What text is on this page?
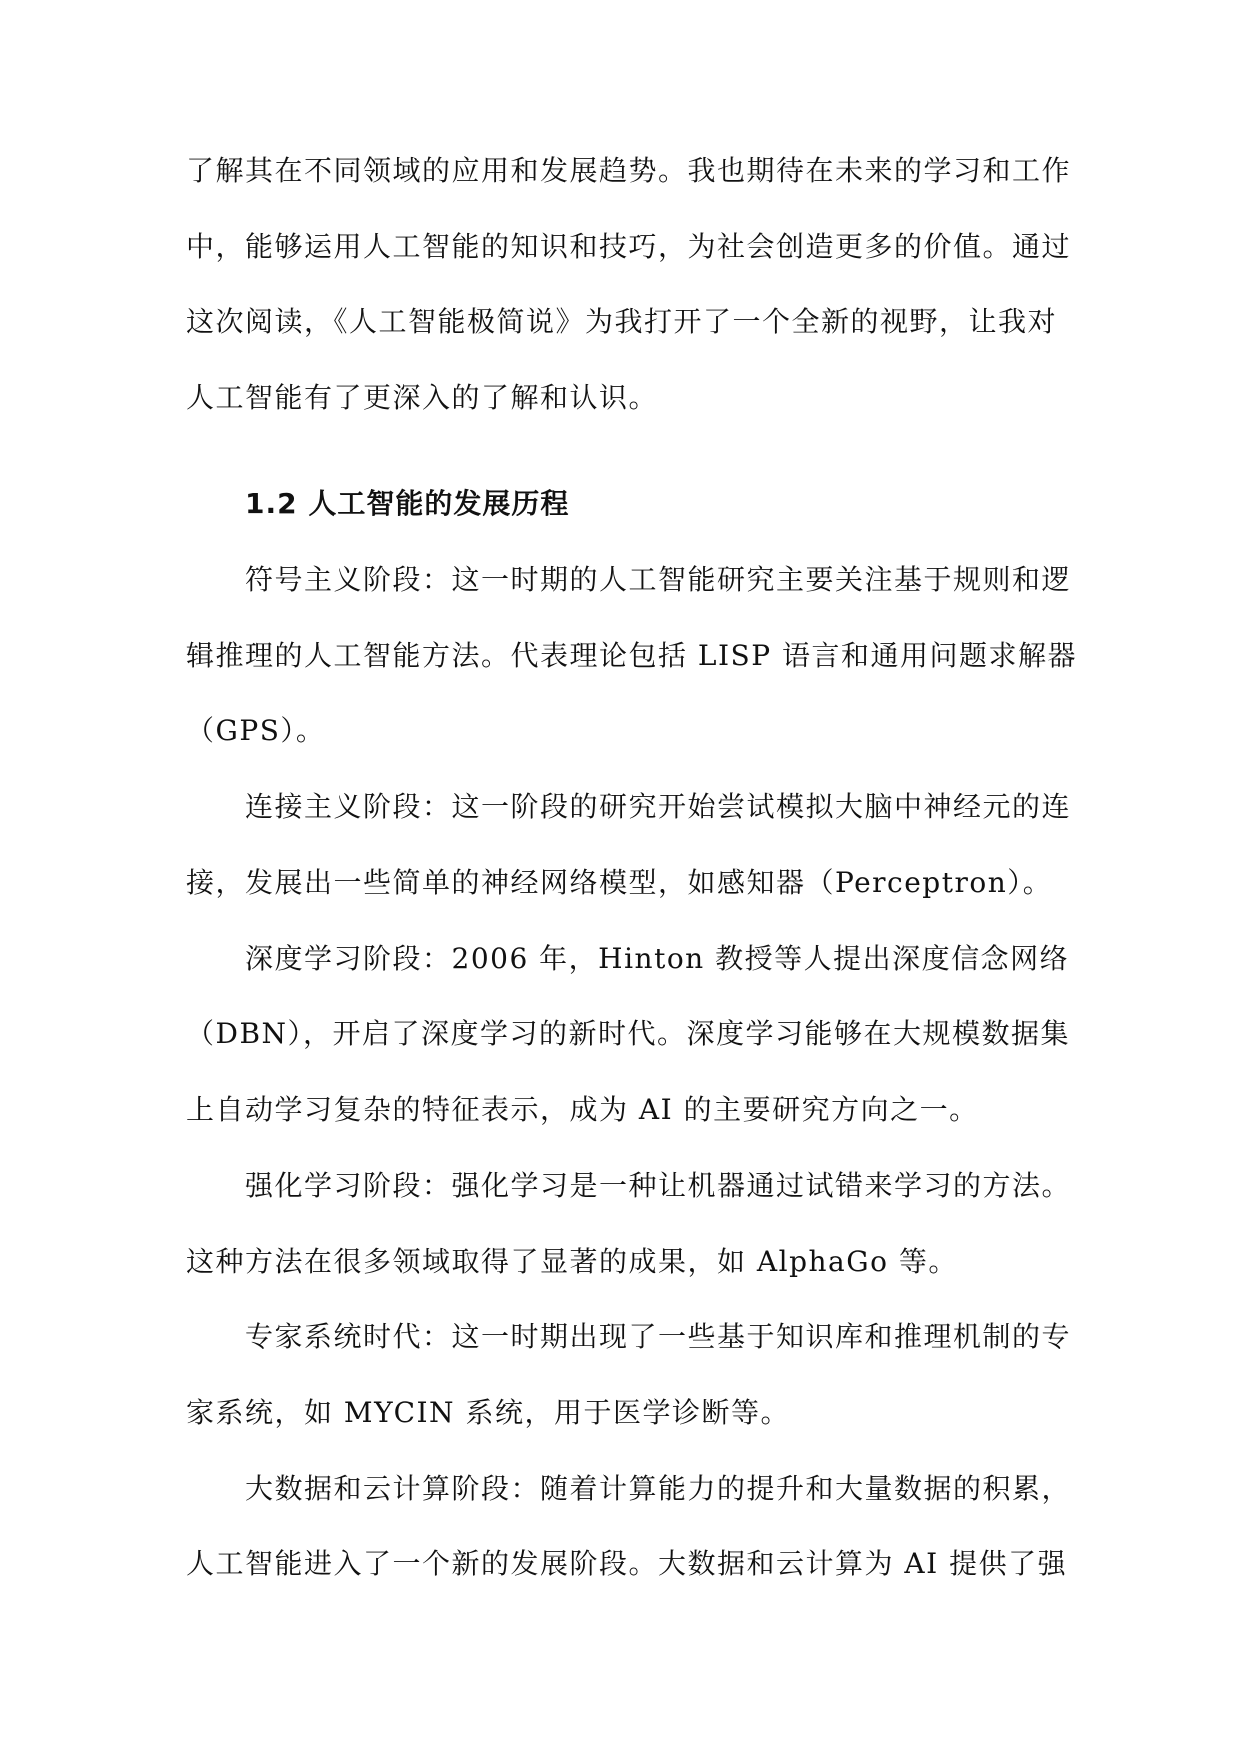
了解其在不同领域的应用和发展趋势。我也期待在未来的学习和工作
中，能够运用人工智能的知识和技巧，为社会创造更多的价值。通过
这次阅读，《人工智能极简说》为我打开了一个全新的视野，让我对
人工智能有了更深入的了解和认识。
1.2 人工智能的发展历程
符号主义阶段：这一时期的人工智能研究主要关注基于规则和逻
辑推理的人工智能方法。代表理论包括 LISP 语言和通用问题求解器
（GPS）。
连接主义阶段：这一阶段的研究开始尝试模拟大脑中神经元的连
接，发展出一些简单的神经网络模型，如感知器（Perceptron）。
深度学习阶段：2006 年，Hinton 教授等人提出深度信念网络
（DBN），开启了深度学习的新时代。深度学习能够在大规模数据集
上自动学习复杂的特征表示，成为 AI 的主要研究方向之一。
强化学习阶段：强化学习是一种让机器通过试错来学习的方法。
这种方法在很多领域取得了显著的成果，如 AlphaGo 等。
专家系统时代：这一时期出现了一些基于知识库和推理机制的专
家系统，如 MYCIN 系统，用于医学诊断等。
大数据和云计算阶段：随着计算能力的提升和大量数据的积累，
人工智能进入了一个新的发展阶段。大数据和云计算为 AI 提供了强
